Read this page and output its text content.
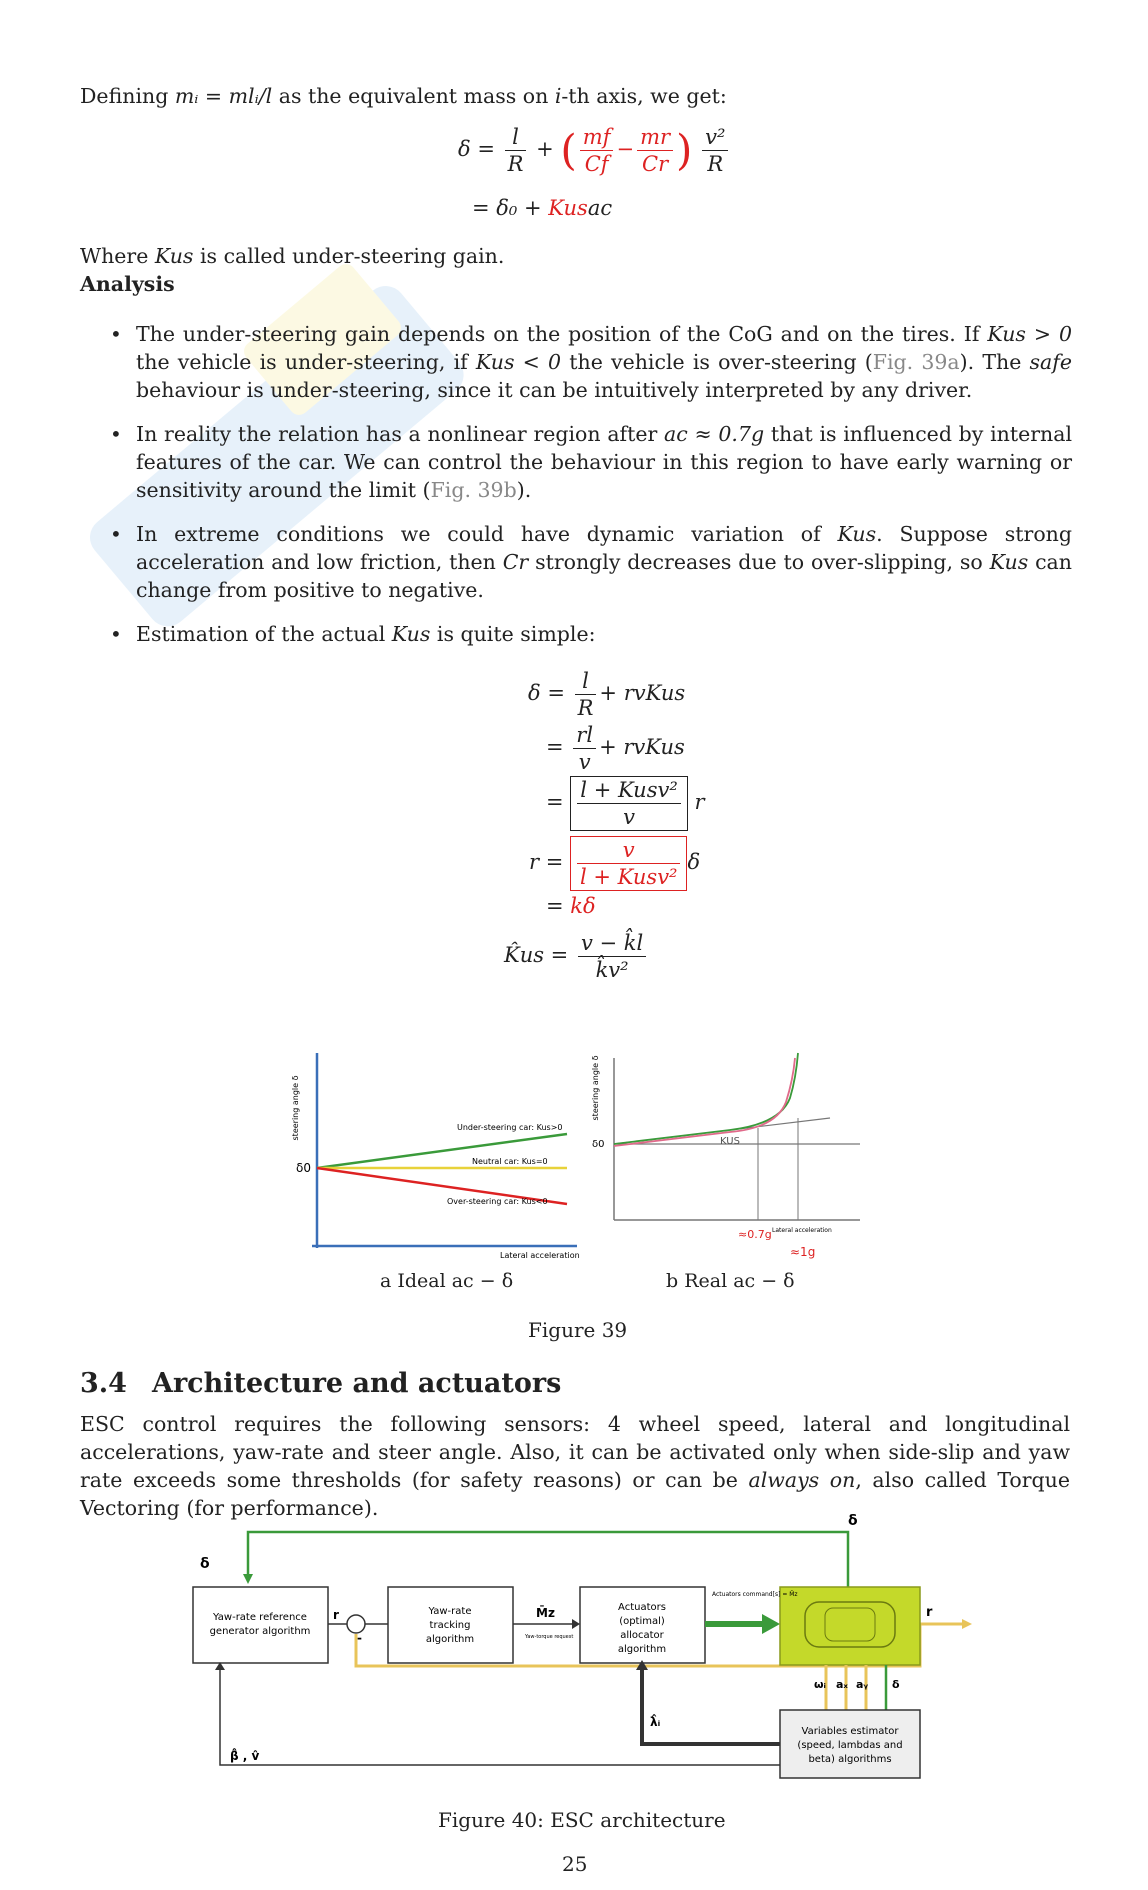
Defining mᵢ = mlᵢ/l as the equivalent mass on i-th axis, we get:
$\delta = \frac{l}{R}$ + ( $\frac{mf}{Cf} - \frac{mr}{Cr}$ ) $\frac{\text{v²}}{R}$
= δ₀ + Kusac
Where Kus is called under-steering gain.
Analysis
• The under-steering gain depends on the position of the CoG and on the tires. If Kus > 0 the vehicle is under-steering, if Kus < 0 the vehicle is over-steering (Fig. 39a). The safe behaviour is under-steering, since it can be intuitively interpreted by any driver.
• In reality the relation has a nonlinear region after ac ≈ 0.7g that is influenced by internal features of the car. We can control the behaviour in this region to have early warning or sensitivity around the limit (Fig. 39b).
• In extreme conditions we could have dynamic variation of Kus. Suppose strong acceleration and low friction, then Cr strongly decreases due to over-slipping, so Kus can change from positive to negative.
• Estimation of the actual Kus is quite simple:
$\delta = \frac{l}{R}$ + rvKus
= $\frac{rl}{v}$ + rvKus
= $\frac{\text{l + Kusv²}}{v}$ r
$r = \frac{v}{\text{l + Kusv²}}$ δ
= kδ
K̂us = $\frac{v - k̂l}{\text{k̂v²}}$
steering angle δ
δ0
Under-steering car: Kus>0
Neutral car: Kus=0
Over-steering car: Kus<0
Lateral acceleration
steering angle δ
δ0	KUS
≈0.7g
≈1g
Lateral acceleration
a Ideal ac − δ	b Real ac − δ
Figure 39
3.4 Architecture and actuators
ESC control requires the following sensors: 4 wheel speed, lateral and longitudinal accelerations, yaw-rate and steer angle. Also, it can be activated only when side-slip and yaw rate exceeds some thresholds (for safety reasons) or can be always on, also called Torque Vectoring (for performance).
δ
δ
Yaw-rate reference
generator algorithm
r
-
Yaw-rate
tracking
algorithm
M̄z
Yaw-torque request
Actuators
(optimal)
allocator
algorithm
Actuators command[s] = M̄z
r
ωᵢ aₓ aᵧ δ
λ̂ᵢ
β̂ , v̂
Variables estimator
(speed, lambdas and
beta) algorithms
Figure 40: ESC architecture
25
